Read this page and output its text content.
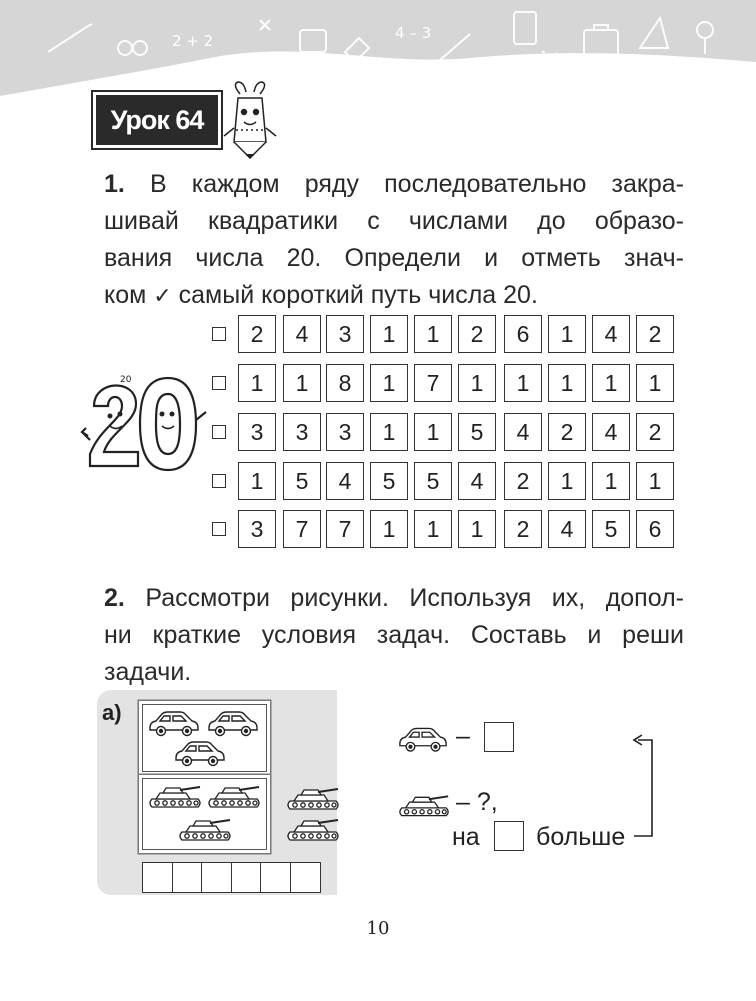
2 + 2	4 – 3
1 + c
Урок 64
1. В каждом ряду последовательно закра-
шивай квадратики с числами до образо-
вания числа 20. Определи и отметь знач-
ком ✓ самый короткий путь числа 20.
20
2	4	3	1	1	2	6	1	4	2
1	1	8	1	7	1	1	1	1	1
3	3	3	1	1	5	4	2	4	2
1	5	4	5	5	4	2	1	1	1
3	7	7	1	1	1	2	4	5	6
2. Рассмотри рисунки. Используя их, допол-
ни краткие условия задач. Составь и реши
задачи.
а)
–
– ?,
на больше
10
